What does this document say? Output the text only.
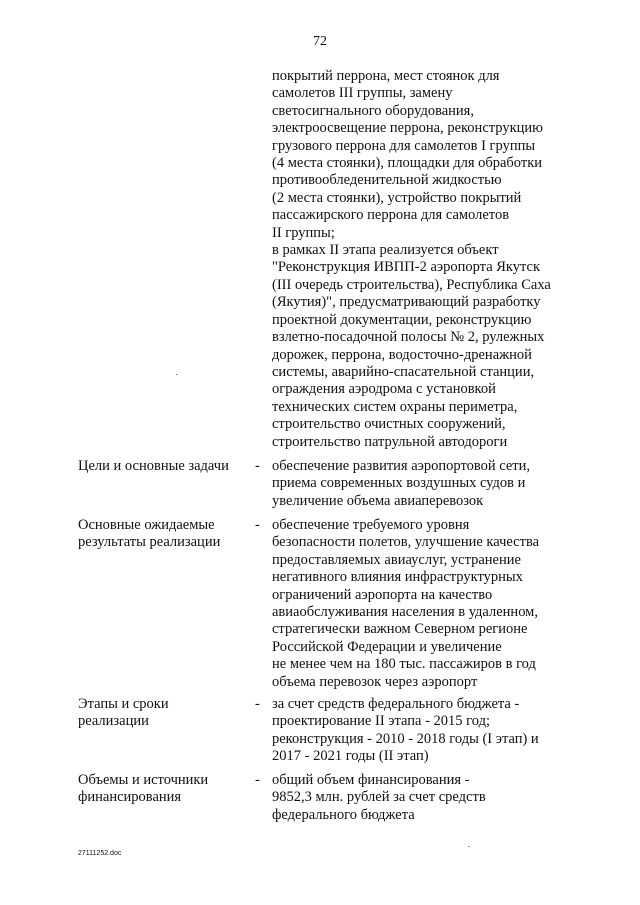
72
покрытий перрона, мест стоянок для
самолетов III группы, замену
светосигнального оборудования,
электроосвещение перрона, реконструкцию
грузового перрона для самолетов I группы
(4 места стоянки), площадки для обработки
противообледенительной жидкостью
(2 места стоянки), устройство покрытий
пассажирского перрона для самолетов
II группы;
в рамках II этапа реализуется объект
"Реконструкция ИВПП-2 аэропорта Якутск
(III очередь строительства), Республика Саха
(Якутия)", предусматривающий разработку
проектной документации, реконструкцию
взлетно-посадочной полосы № 2, рулежных
дорожек, перрона, водосточно-дренажной
системы, аварийно-спасательной станции,
ограждения аэродрома с установкой
технических систем охраны периметра,
строительство очистных сооружений,
строительство патрульной автодороги
Цели и основные задачи	- обеспечение развития аэропортовой сети,
приема современных воздушных судов и
увеличение объема авиаперевозок
Основные ожидаемые
результаты реализации
- обеспечение требуемого уровня
безопасности полетов, улучшение качества
предоставляемых авиауслуг, устранение
негативного влияния инфраструктурных
ограничений аэропорта на качество
авиаобслуживания населения в удаленном,
стратегически важном Северном регионе
Российской Федерации и увеличение
не менее чем на 180 тыс. пассажиров в год
объема перевозок через аэропорт
Этапы и сроки
реализации
- за счет средств федерального бюджета -
проектирование II этапа - 2015 год;
реконструкция - 2010 - 2018 годы (I этап) и
2017 - 2021 годы (II этап)
Объемы и источники
финансирования
- общий объем финансирования -
9852,3 млн. рублей за счет средств
федерального бюджета
27111252.doc
